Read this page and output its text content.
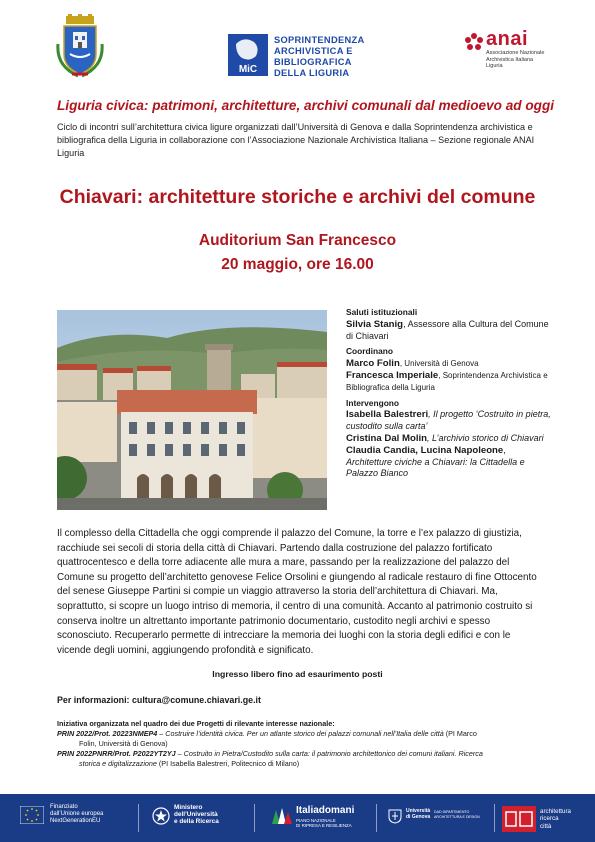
MiC
SOPRINTENDENZA
ARCHIVISTICA E
BIBLIOGRAFICA
DELLA LIGURIA
anai
Associazione Nazionale
Archivistica Italiana
Liguria
Liguria civica: patrimoni, architetture, archivi comunali dal medioevo ad oggi
Ciclo di incontri sull’architettura civica ligure organizzati dall’Università di Genova e dalla Soprintendenza archivistica e bibliografica della Liguria in collaborazione con l’Associazione Nazionale Archivistica Italiana – Sezione regionale ANAI Liguria
Chiavari: architetture storiche e archivi del comune
Auditorium San Francesco
20 maggio, ore 16.00

Saluti istituzionali

Silvia Stanig, Assessore alla Cultura del Comune di Chiavari

Coordinano

Marco Folin, Università di Genova

Francesca Imperiale, Soprintendenza Archivistica e Bibliografica della Liguria

Intervengono

Isabella Balestreri, Il progetto ‘Costruito in pietra, custodito sulla carta’

Cristina Dal Molin, L’archivio storico di Chiavari

Claudia Candia, Lucina Napoleone, Architetture civiche a Chiavari: la Cittadella e Palazzo Bianco

Il complesso della Cittadella che oggi comprende il palazzo del Comune, la torre e l’ex palazzo di giustizia, racchiude sei secoli di storia della città di Chiavari. Partendo dalla costruzione del palazzo fortificato quattrocentesco e della torre adiacente alle mura a mare, passando per la realizzazione del palazzo del Comune su progetto dell’architetto genovese Felice Orsolini e giungendo al radicale restauro di fine Ottocento del senese Giuseppe Partini si compie un viaggio attraverso la storia dell’architettura di Chiavari. Ma, soprattutto, si scopre un luogo intriso di memoria, il centro di una comunità. Accanto al patrimonio costruito si conserva inoltre un altrettanto importante patrimonio documentario, custodito negli archivi e spesso sconosciuto. Recuperarlo permette di intrecciare la memoria dei luoghi con la storia degli edifici e con le vicende degli uomini, aggiungendo profondità e significato.
Ingresso libero fino ad esaurimento posti
Per informazioni: cultura@comune.chiavari.ge.it

Iniziativa organizzata nel quadro dei due Progetti di rilevante interesse nazionale:

PRIN 2022/Prot. 20223NMEP4 – Costruire l’identità civica. Per un atlante storico dei palazzi comunali nell’Italia delle città (PI Marco

Folin, Università di Genova)

PRIN 2022PNRR/Prot. P2022YT2YJ – Costruito in Pietra/Custodito sulla carta: il patrimonio architettonico dei comuni italiani. Ricerca

storica e digitalizzazione (PI Isabella Balestreri, Politecnico di Milano)

Finanziato
dall’Unione europea
NextGenerationEU
Ministero
dell’Università
e della Ricerca
Italiadomani
PIANO NAZIONALE
DI RIPRESA E RESILIENZA
Università
di Genova
DAD DIPARTIMENTO
ARCHITETTURA E DESIGN
architettura
ricerca
città
